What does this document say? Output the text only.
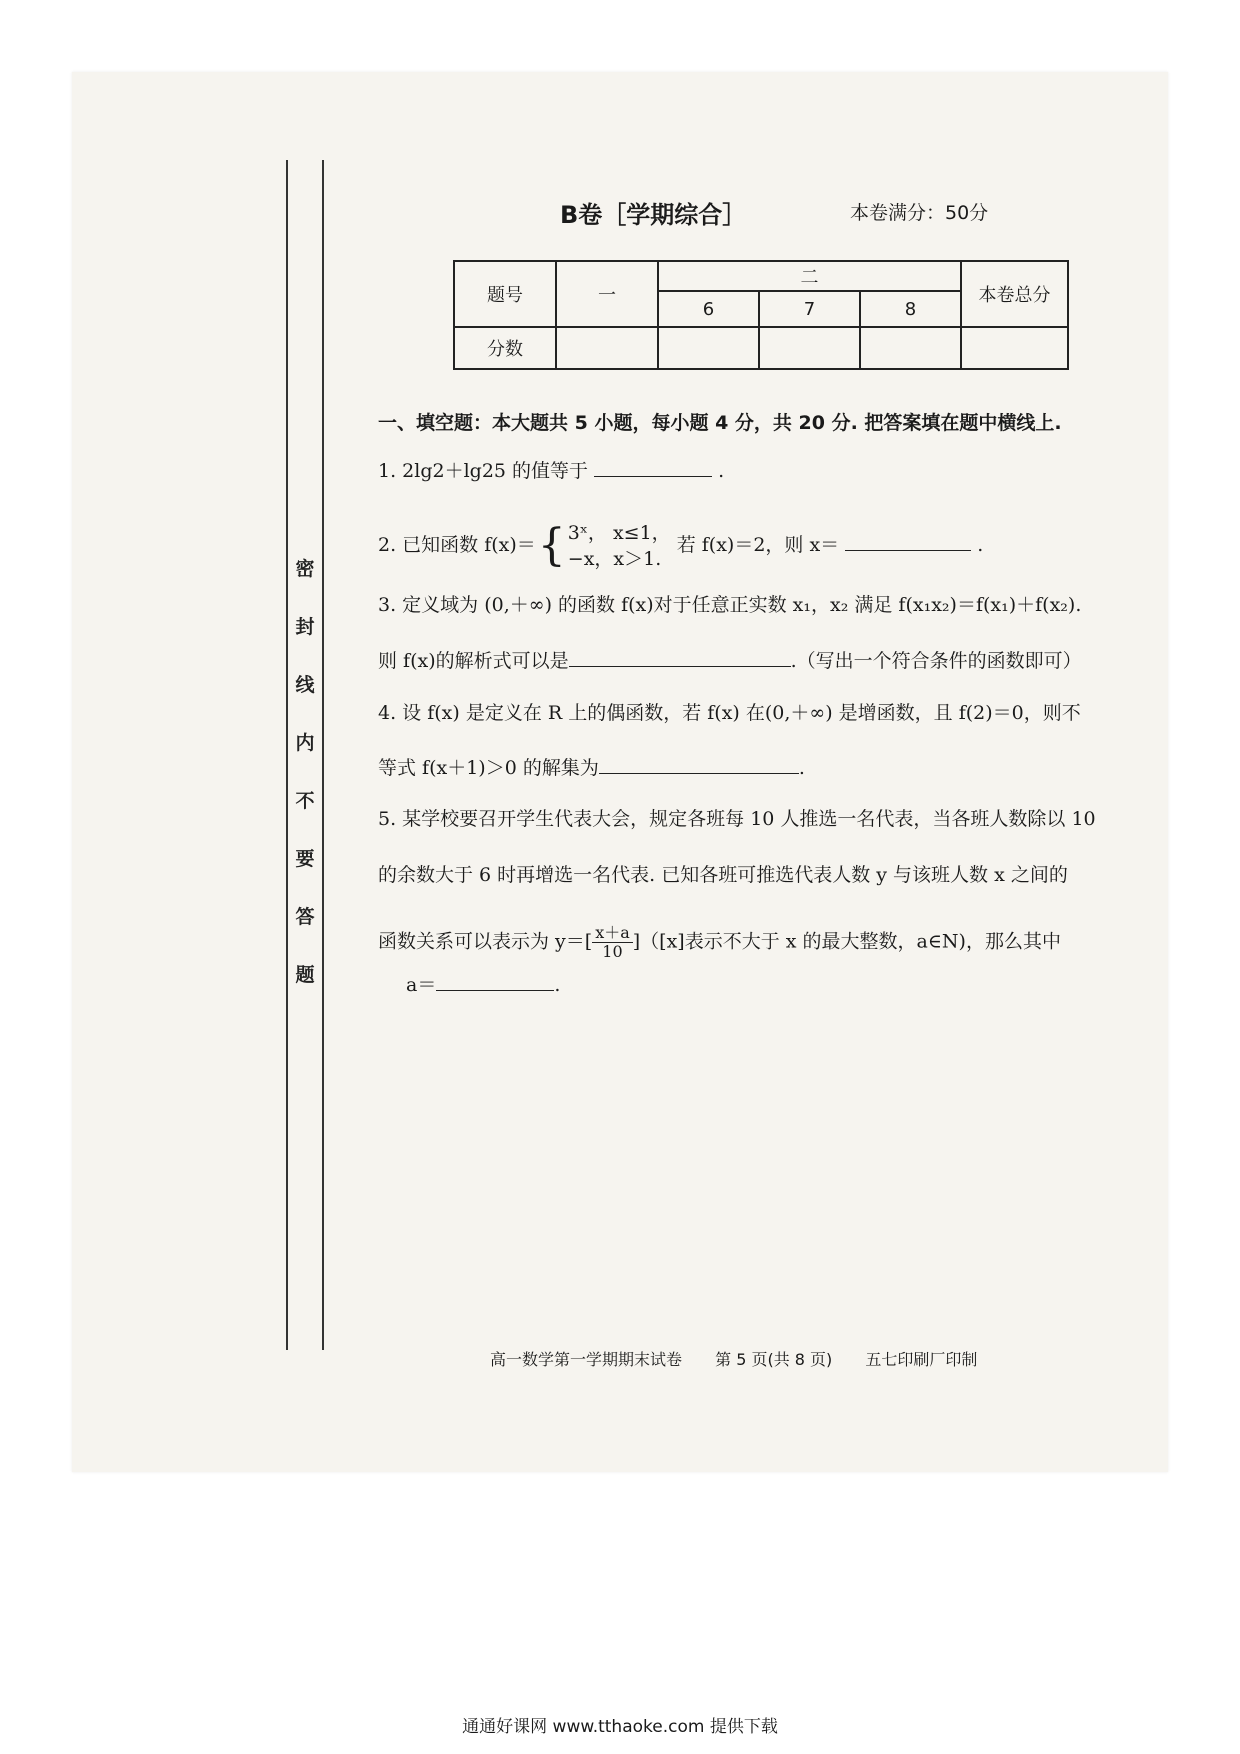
密
封
线
内
不
要
答
题
B卷［学期综合］	本卷满分：50分
题号	一	二			本卷总分
		6	7	8	
分数					
一、填空题：本大题共 5 小题，每小题 4 分，共 20 分. 把答案填在题中横线上.
1. 2lg2＋lg25 的值等于	.
2. 已知函数 f(x)＝{ 3ˣ， x≤1，
−x，x＞1.
若 f(x)＝2，则 x＝	.
3. 定义域为 (0,＋∞) 的函数 f(x)对于任意正实数 x₁，x₂ 满足 f(x₁x₂)＝f(x₁)＋f(x₂).
则 f(x)的解析式可以是	.（写出一个符合条件的函数即可）
4. 设 f(x) 是定义在 R 上的偶函数，若 f(x) 在(0,＋∞) 是增函数，且 f(2)＝0，则不
等式 f(x＋1)＞0 的解集为	.
5. 某学校要召开学生代表大会，规定各班每 10 人推选一名代表，当各班人数除以 10
的余数大于 6 时再增选一名代表. 已知各班可推选代表人数 y 与该班人数 x 之间的
函数关系可以表示为 $y=[ \frac{x+a}{10} ]([x]$表示不大于 x 的最大整数，a∈N)，那么其中
a＝	.
高一数学第一学期期末试卷 第 5 页(共 8 页) 五七印刷厂印制
通通好课网 www.tthaoke.com 提供下载
